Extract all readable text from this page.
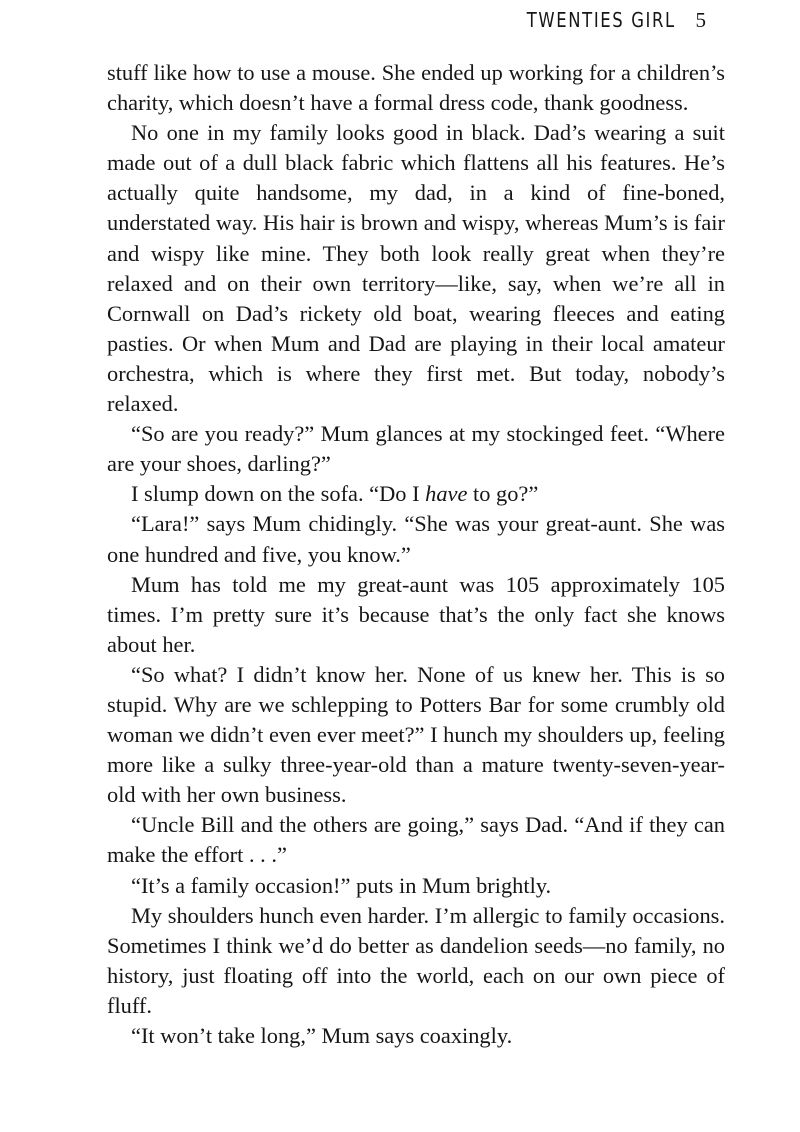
TWENTIES GIRL 5

stuff like how to use a mouse. She ended up working for a children’s charity, which doesn’t have a formal dress code, thank goodness.

No one in my family looks good in black. Dad’s wearing a suit made out of a dull black fabric which flattens all his features. He’s actually quite handsome, my dad, in a kind of fine-boned, understated way. His hair is brown and wispy, whereas Mum’s is fair and wispy like mine. They both look really great when they’re relaxed and on their own territory—like, say, when we’re all in Cornwall on Dad’s rickety old boat, wearing fleeces and eating pasties. Or when Mum and Dad are playing in their local amateur orchestra, which is where they first met. But today, nobody’s relaxed.

“So are you ready?” Mum glances at my stockinged feet. “Where are your shoes, darling?”

I slump down on the sofa. “Do I have to go?”

“Lara!” says Mum chidingly. “She was your great-aunt. She was one hundred and five, you know.”

Mum has told me my great-aunt was 105 approximately 105 times. I’m pretty sure it’s because that’s the only fact she knows about her.

“So what? I didn’t know her. None of us knew her. This is so stupid. Why are we schlepping to Potters Bar for some crumbly old woman we didn’t even ever meet?” I hunch my shoulders up, feeling more like a sulky three-year-old than a mature twenty-seven-year-old with her own business.

“Uncle Bill and the others are going,” says Dad. “And if they can make the effort . . .”

“It’s a family occasion!” puts in Mum brightly.

My shoulders hunch even harder. I’m allergic to family occasions. Sometimes I think we’d do better as dandelion seeds—no family, no history, just floating off into the world, each on our own piece of fluff.

“It won’t take long,” Mum says coaxingly.
